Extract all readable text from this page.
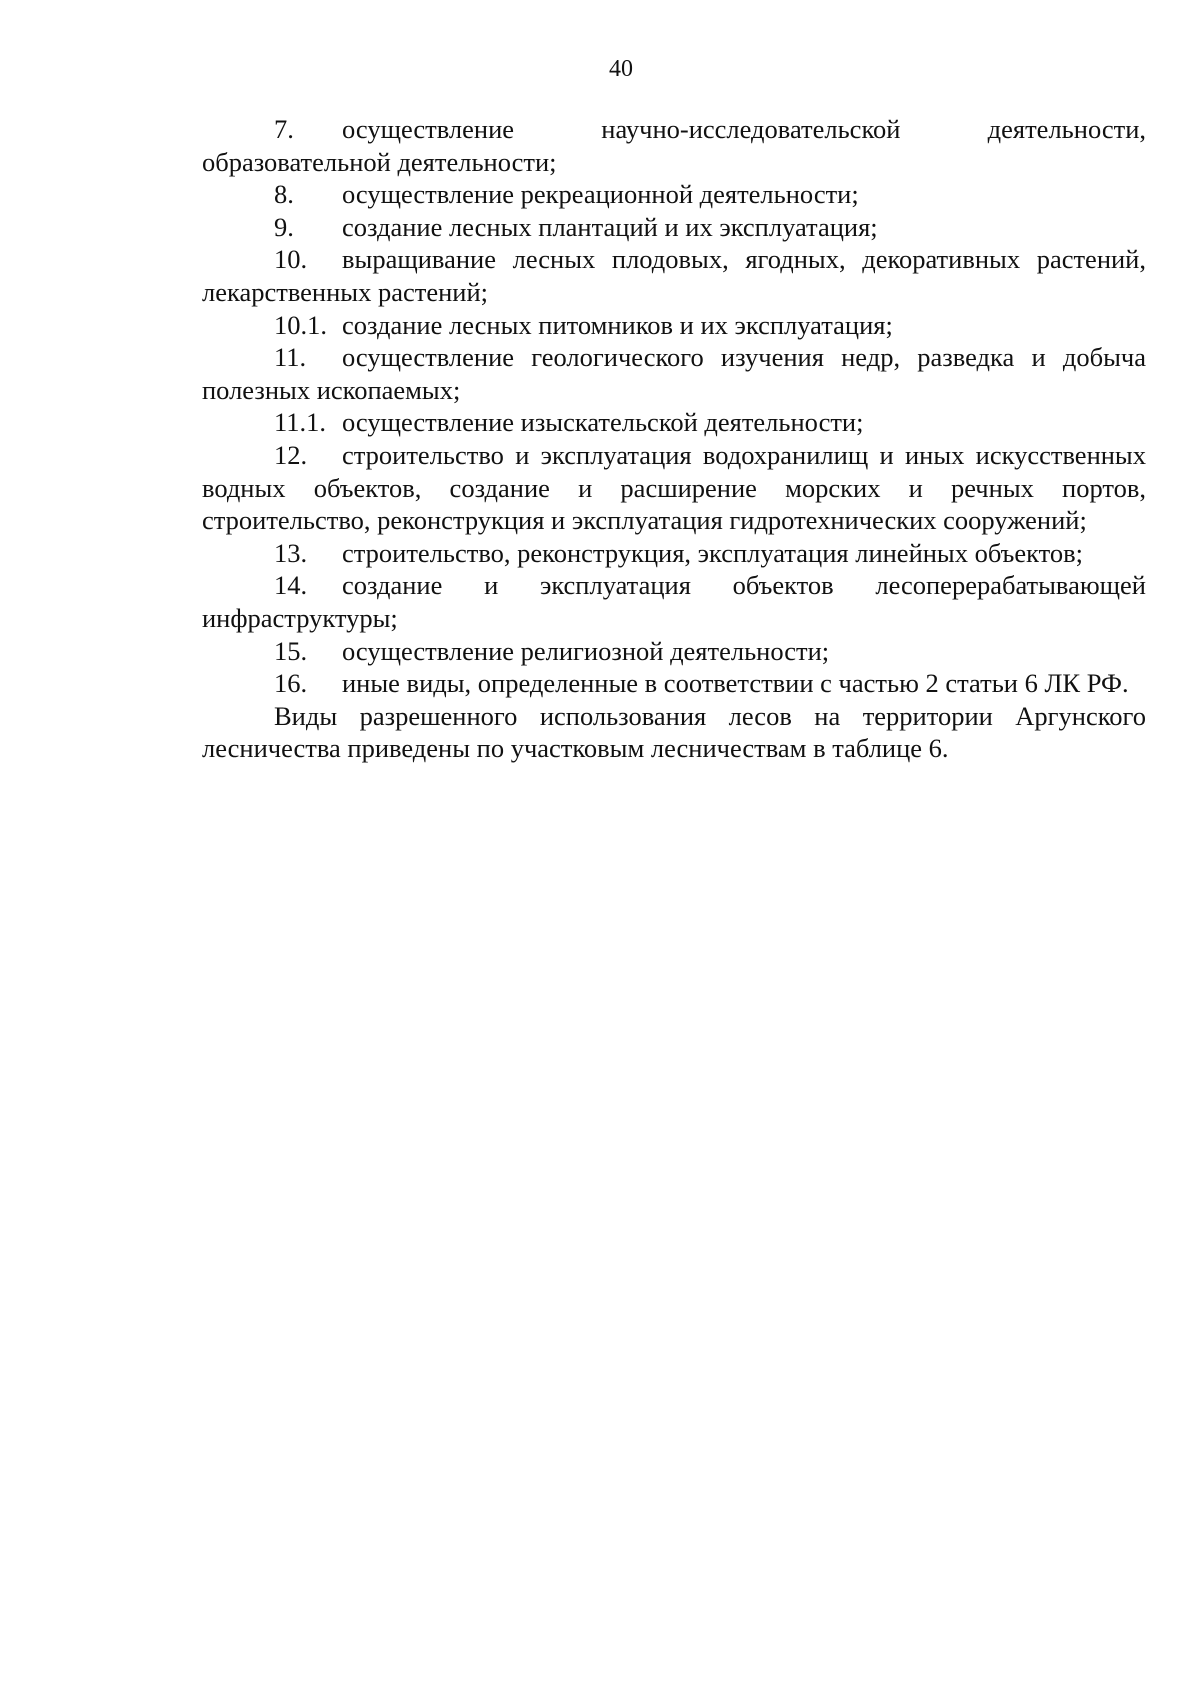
40

7. осуществление научно-исследовательской деятельности, образовательной деятельности;

8. осуществление рекреационной деятельности;

9. создание лесных плантаций и их эксплуатация;

10. выращивание лесных плодовых, ягодных, декоративных растений, лекарственных растений;

10.1. создание лесных питомников и их эксплуатация;

11. осуществление геологического изучения недр, разведка и добыча полезных ископаемых;

11.1. осуществление изыскательской деятельности;

12. строительство и эксплуатация водохранилищ и иных искусственных водных объектов, создание и расширение морских и речных портов, строительство, реконструкция и эксплуатация гидротехнических сооружений;

13. строительство, реконструкция, эксплуатация линейных объектов;

14. создание и эксплуатация объектов лесоперерабатывающей инфраструктуры;

15. осуществление религиозной деятельности;

16. иные виды, определенные в соответствии с частью 2 статьи 6 ЛК РФ.

Виды разрешенного использования лесов на территории Аргунского лесничества приведены по участковым лесничествам в таблице 6.
